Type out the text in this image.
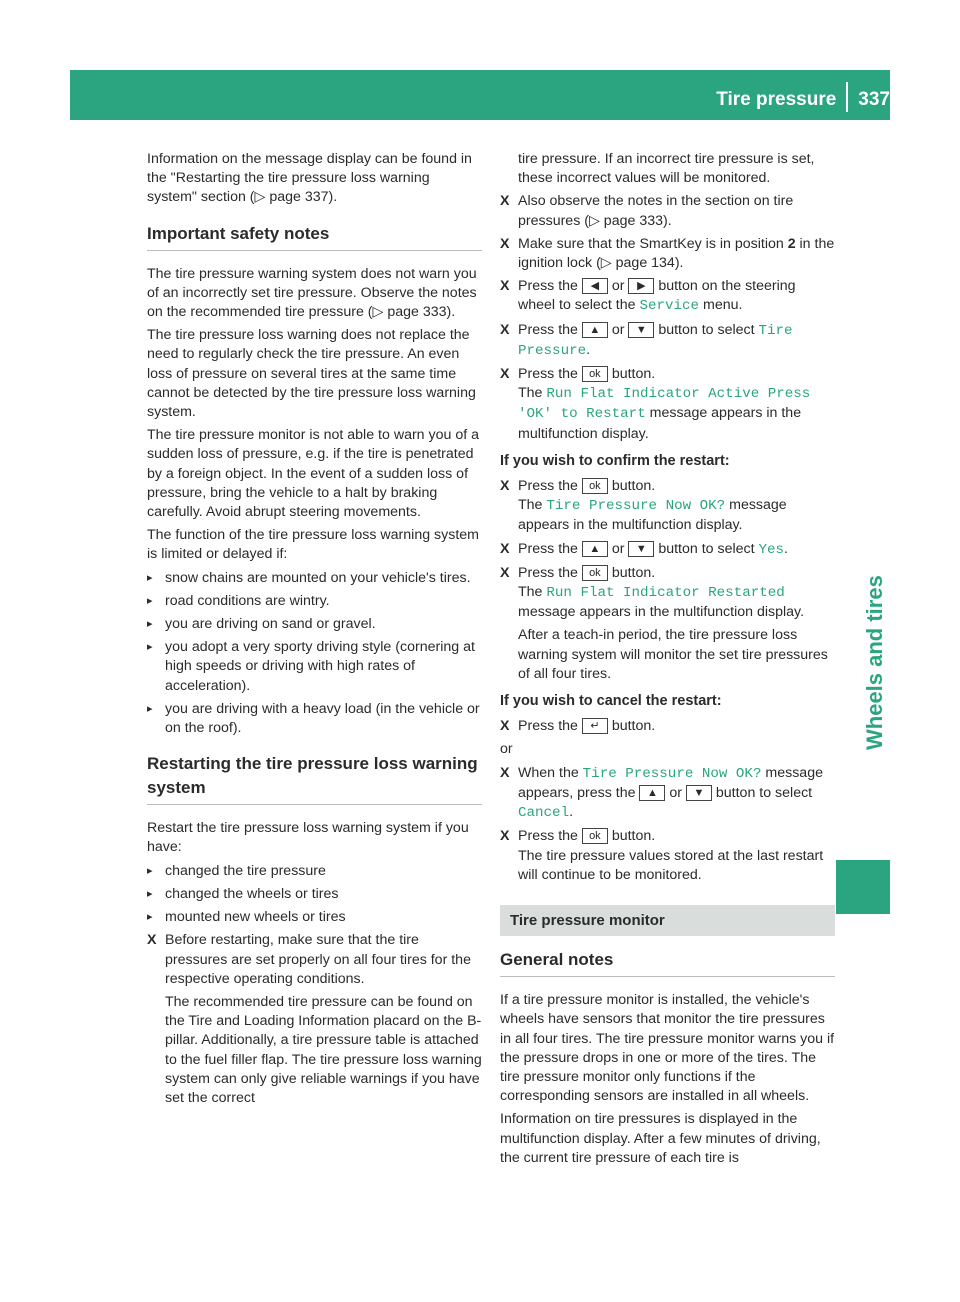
Tire pressure 337
Wheels and tires

Information on the message display can be found in the "Restarting the tire pressure loss warning system" section (▷ page 337).

Important safety notes

The tire pressure warning system does not warn you of an incorrectly set tire pressure. Observe the notes on the recommended tire pressure (▷ page 333).

The tire pressure loss warning does not replace the need to regularly check the tire pressure. An even loss of pressure on several tires at the same time cannot be detected by the tire pressure loss warning system.

The tire pressure monitor is not able to warn you of a sudden loss of pressure, e.g. if the tire is penetrated by a foreign object. In the event of a sudden loss of pressure, bring the vehicle to a halt by braking carefully. Avoid abrupt steering movements.

The function of the tire pressure loss warning system is limited or delayed if:

▸ snow chains are mounted on your vehicle's tires.
▸ road conditions are wintry.
▸ you are driving on sand or gravel.
▸ you adopt a very sporty driving style (cornering at high speeds or driving with high rates of acceleration).
▸ you are driving with a heavy load (in the vehicle or on the roof).
Restarting the tire pressure loss warning system

Restart the tire pressure loss warning system if you have:

▸ changed the tire pressure
▸ changed the wheels or tires
▸ mounted new wheels or tires
X Before restarting, make sure that the tire pressures are set properly on all four tires for the respective operating conditions.

The recommended tire pressure can be found on the Tire and Loading Information placard on the B-pillar. Additionally, a tire pressure table is attached to the fuel filler flap. The tire pressure loss warning system can only give reliable warnings if you have set the correct

tire pressure. If an incorrect tire pressure is set, these incorrect values will be monitored.

X Also observe the notes in the section on tire pressures (▷ page 333).
X Make sure that the SmartKey is in position 2 in the ignition lock (▷ page 134).
X Press the ◀ or ▶ button on the steering wheel to select the Service menu.
X Press the ▲ or ▼ button to select Tire Pressure.
X Press the ok button.
The Run Flat Indicator Active Press 'OK' to Restart message appears in the multifunction display.
If you wish to confirm the restart:
X Press the ok button.
The Tire Pressure Now OK? message appears in the multifunction display.
X Press the ▲ or ▼ button to select Yes.
X Press the ok button.
The Run Flat Indicator Restarted message appears in the multifunction display.

After a teach-in period, the tire pressure loss warning system will monitor the set tire pressures of all four tires.

If you wish to cancel the restart:
X Press the ↵ button.

or

X When the Tire Pressure Now OK? message appears, press the ▲ or ▼ button to select Cancel.
X Press the ok button.
The tire pressure values stored at the last restart will continue to be monitored.
Tire pressure monitor
General notes

If a tire pressure monitor is installed, the vehicle's wheels have sensors that monitor the tire pressures in all four tires. The tire pressure monitor warns you if the pressure drops in one or more of the tires. The tire pressure monitor only functions if the corresponding sensors are installed in all wheels.

Information on tire pressures is displayed in the multifunction display. After a few minutes of driving, the current tire pressure of each tire is
